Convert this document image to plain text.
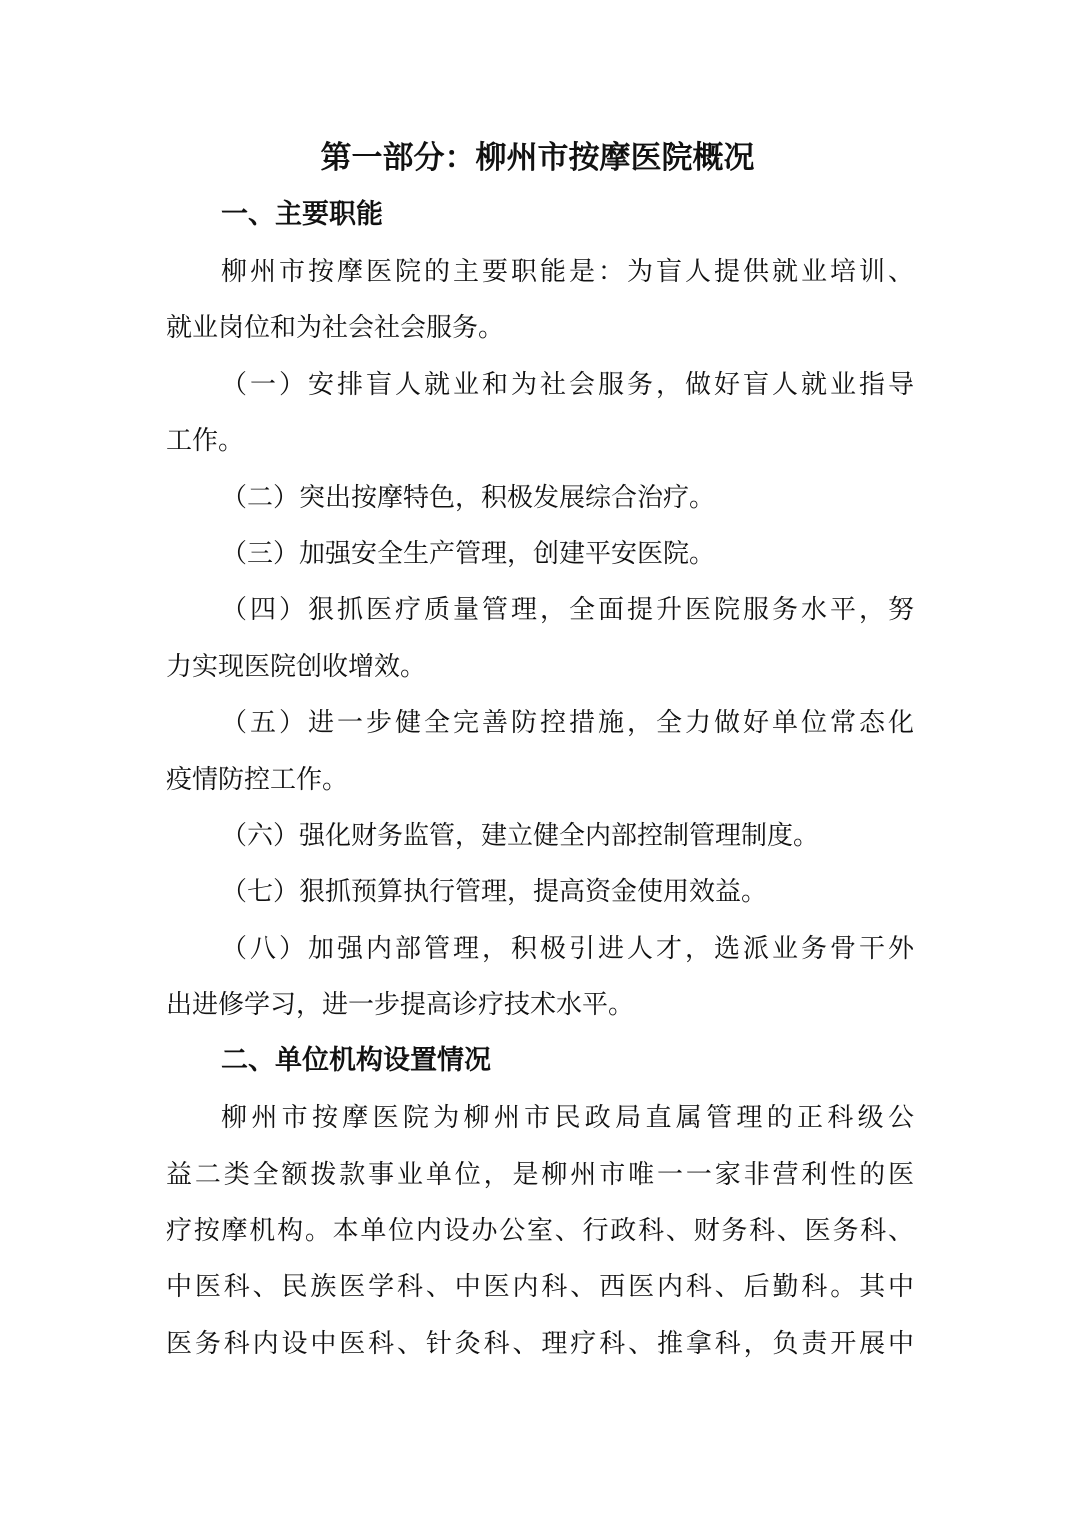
第一部分：柳州市按摩医院概况
一、主要职能
柳州市按摩医院的主要职能是：为盲人提供就业培训、
就业岗位和为社会社会服务。
（一）安排盲人就业和为社会服务，做好盲人就业指导
工作。
（二）突出按摩特色，积极发展综合治疗。
（三）加强安全生产管理，创建平安医院。
（四）狠抓医疗质量管理，全面提升医院服务水平，努
力实现医院创收增效。
（五）进一步健全完善防控措施，全力做好单位常态化
疫情防控工作。
（六）强化财务监管，建立健全内部控制管理制度。
（七）狠抓预算执行管理，提高资金使用效益。
（八）加强内部管理，积极引进人才，选派业务骨干外
出进修学习，进一步提高诊疗技术水平。
二、单位机构设置情况
柳州市按摩医院为柳州市民政局直属管理的正科级公
益二类全额拨款事业单位，是柳州市唯一一家非营利性的医
疗按摩机构。本单位内设办公室、行政科、财务科、医务科、
中医科、民族医学科、中医内科、西医内科、后勤科。其中
医务科内设中医科、针灸科、理疗科、推拿科，负责开展中
